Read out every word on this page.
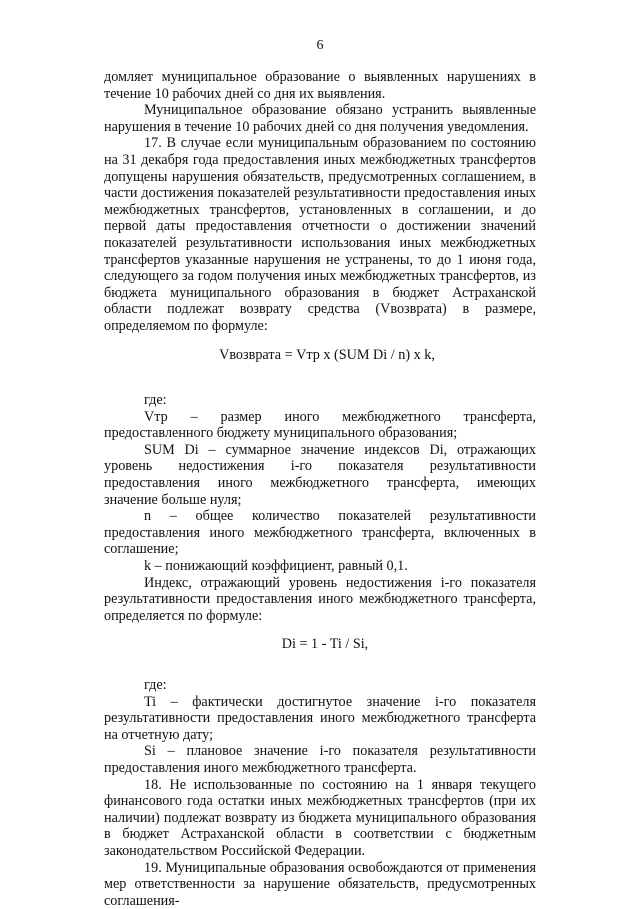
6

домляет муниципальное образование о выявленных нарушениях в течение 10 рабочих дней со дня их выявления.

Муниципальное образование обязано устранить выявленные нарушения в течение 10 рабочих дней со дня получения уведомления.

17. В случае если муниципальным образованием по состоянию на 31 декабря года предоставления иных межбюджетных трансфертов допущены нарушения обязательств, предусмотренных соглашением, в части достижения показателей результативности предоставления иных межбюджетных трансфертов, установленных в соглашении, и до первой даты предоставления отчетности о достижении значений показателей результативности использования иных межбюджетных трансфертов указанные нарушения не устранены, то до 1 июня года, следующего за годом получения иных межбюджетных трансфертов, из бюджета муниципального образования в бюджет Астраханской области подлежат возврату средства (Vвозврата) в размере, определяемом по формуле:

Vвозврата = Vтр х (SUM Di / n) х k,

где:

Vтр – размер иного межбюджетного трансферта, предоставленного бюджету муниципального образования;

SUM Di – суммарное значение индексов Di, отражающих уровень недостижения i-го показателя результативности предоставления иного межбюджетного трансферта, имеющих значение больше нуля;

n – общее количество показателей результативности предоставления иного межбюджетного трансферта, включенных в соглашение;

k – понижающий коэффициент, равный 0,1.

Индекс, отражающий уровень недостижения i-го показателя результативности предоставления иного межбюджетного трансферта, определяется по формуле:

Di = 1 - Ti / Si,

где:

Ti – фактически достигнутое значение i-го показателя результативности предоставления иного межбюджетного трансферта на отчетную дату;

Si – плановое значение i-го показателя результативности предоставления иного межбюджетного трансферта.

18. Не использованные по состоянию на 1 января текущего финансового года остатки иных межбюджетных трансфертов (при их наличии) подлежат возврату из бюджета муниципального образования в бюджет Астраханской области в соответствии с бюджетным законодательством Российской Федерации.

19. Муниципальные образования освобождаются от применения мер ответственности за нарушение обязательств, предусмотренных соглашения-
